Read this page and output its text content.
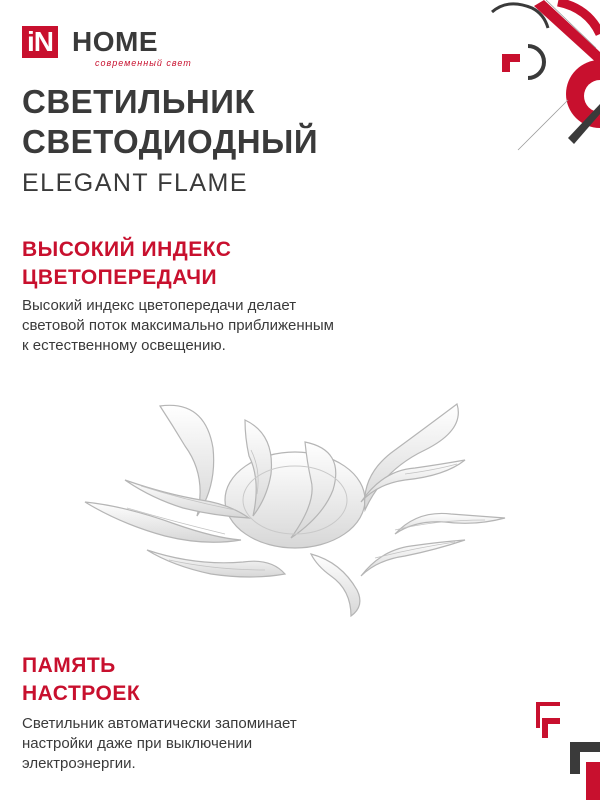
iN HOME
современный свет
СВЕТИЛЬНИК
СВЕТОДИОДНЫЙ

ELEGANT FLAME

ВЫСОКИЙ ИНДЕКС
ЦВЕТОПЕРЕДАЧИ

Высокий индекс цветопередачи делает
световой поток максимально приближенным
к естественному освещению.

ПАМЯТЬ
НАСТРОЕК

Светильник автоматически запоминает
настройки даже при выключении
электроэнергии.
